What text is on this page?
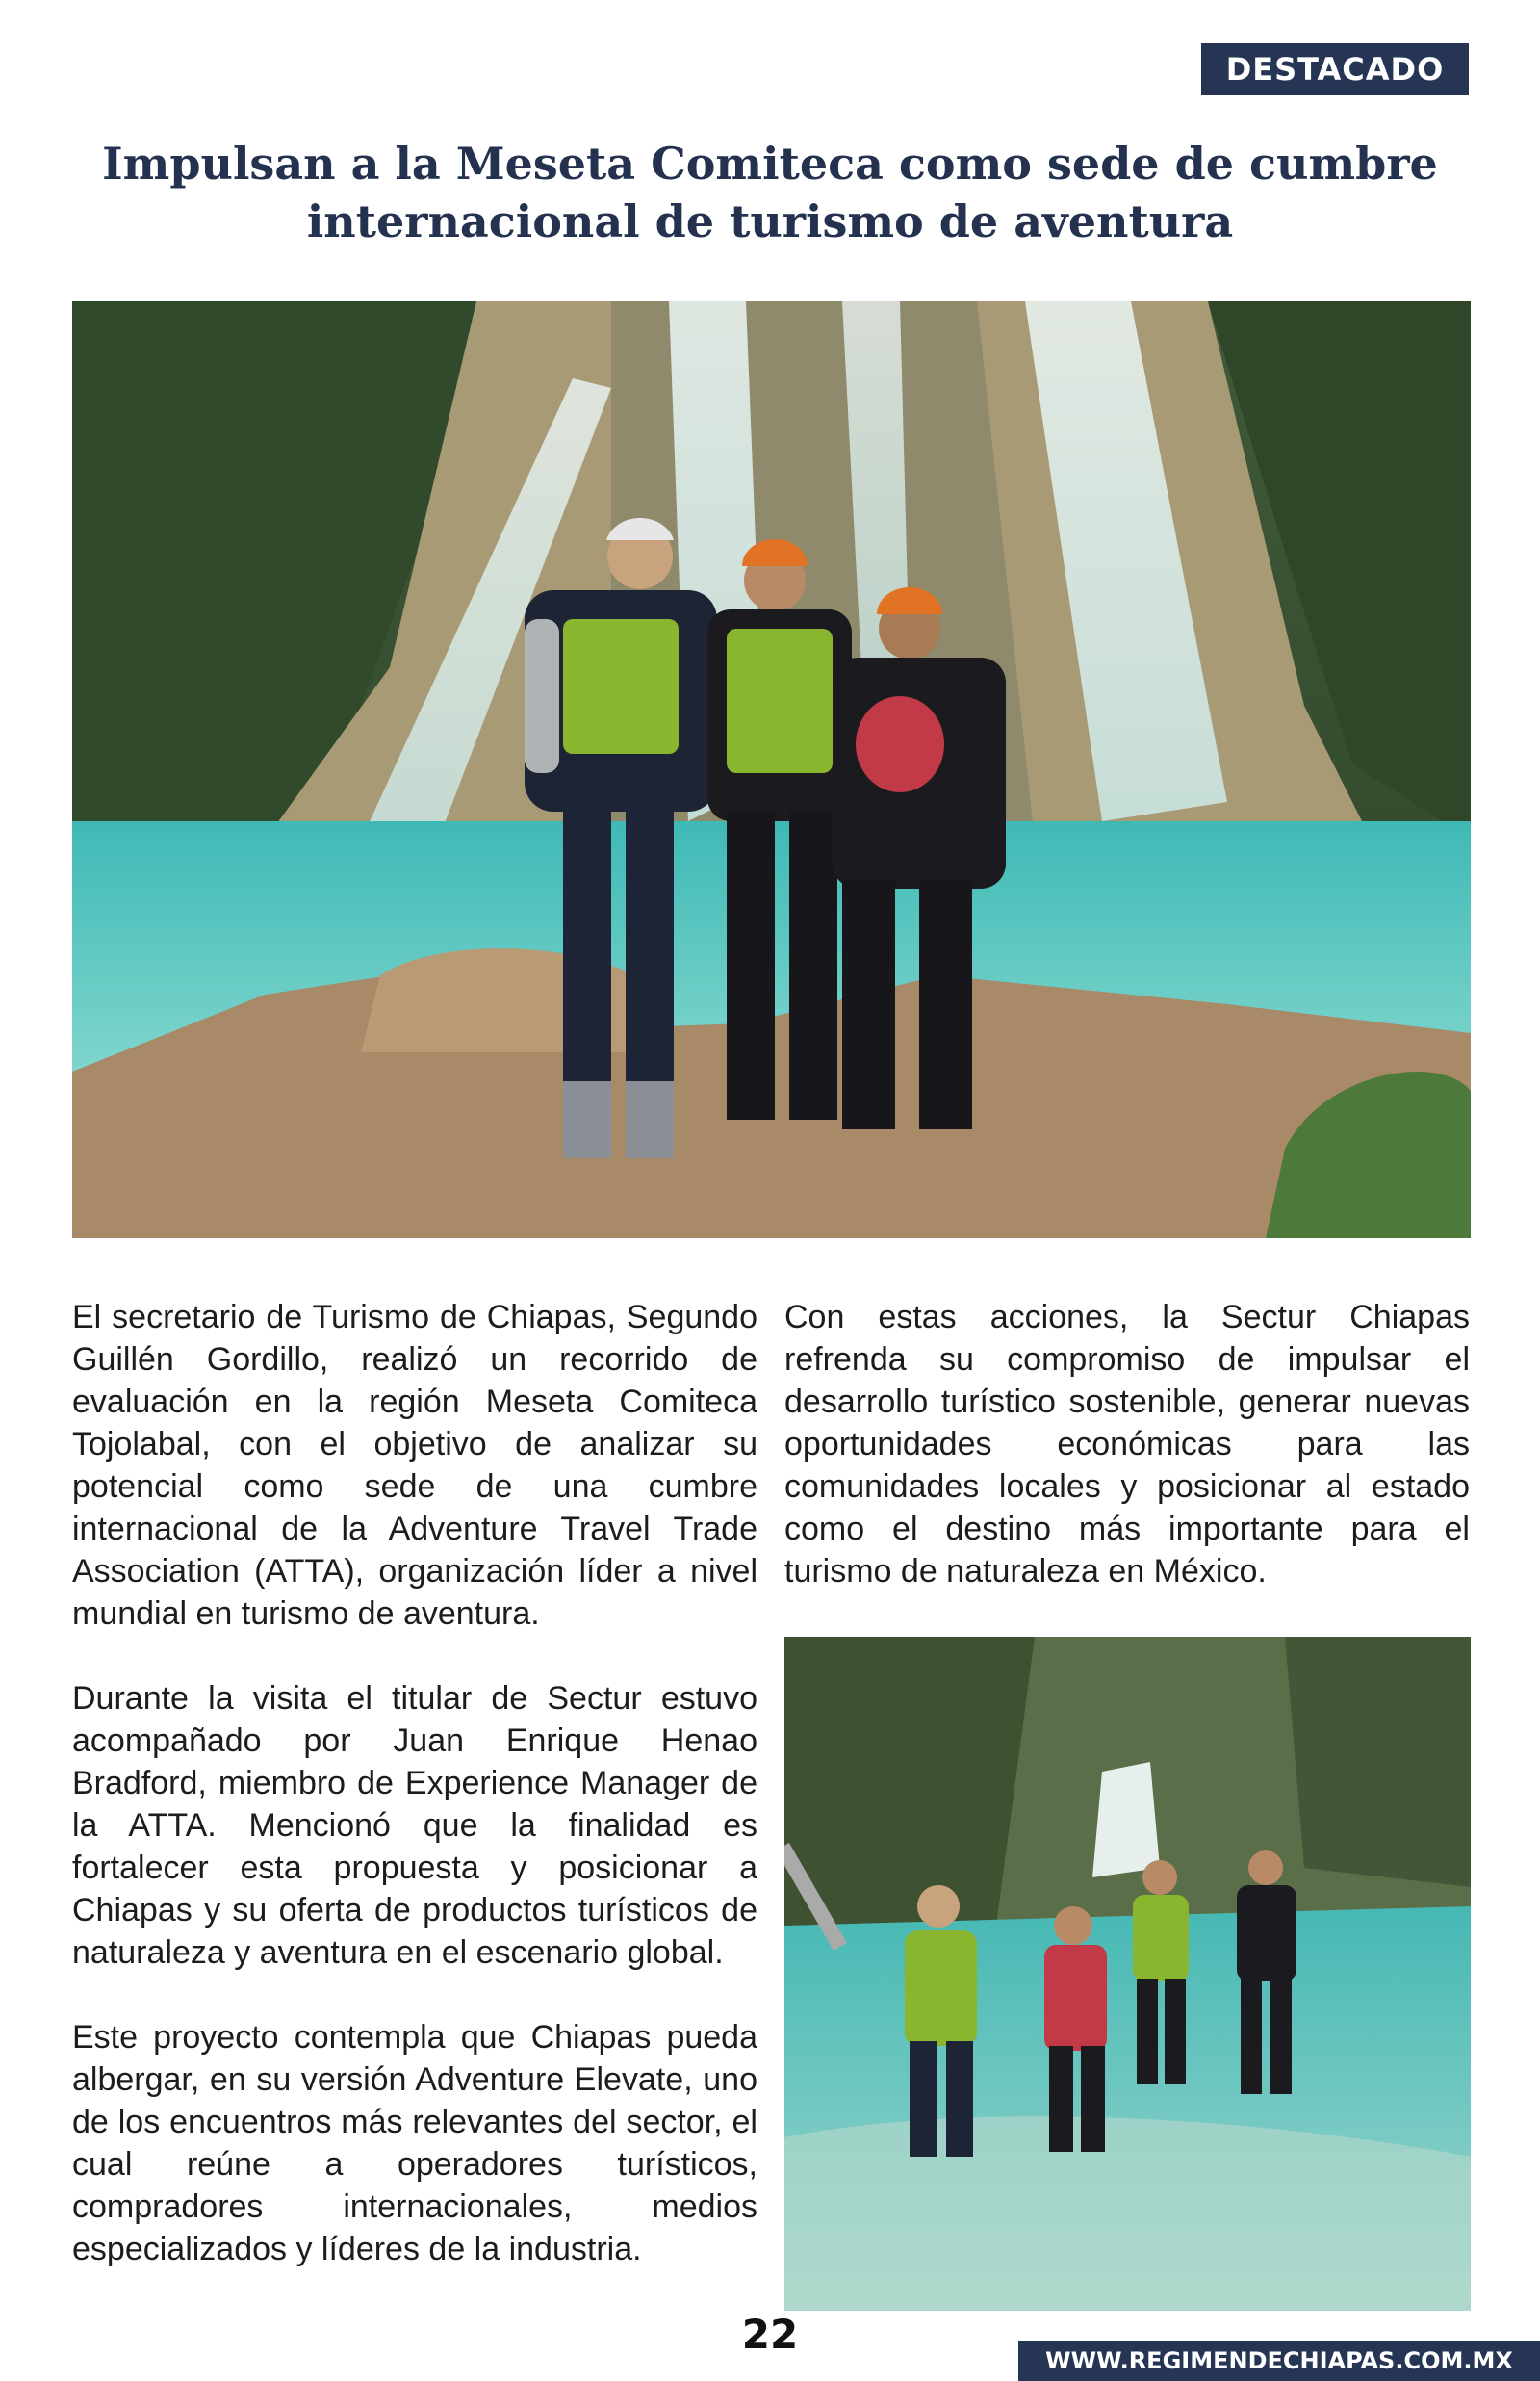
DESTACADO
Impulsan a la Meseta Comiteca como sede de cumbre internacional de turismo de aventura

El secretario de Turismo de Chiapas, Segundo Guillén Gordillo, realizó un recorrido de evaluación en la región Meseta Comiteca Tojolabal, con el objetivo de analizar su potencial como sede de una cumbre internacional de la Adventure Travel Trade Association (ATTA), organización líder a nivel mundial en turismo de aventura.

Durante la visita el titular de Sectur estuvo acompañado por Juan Enrique Henao Bradford, miembro de Experience Manager de la ATTA. Mencionó que la finalidad es fortalecer esta propuesta y posicionar a Chiapas y su oferta de productos turísticos de naturaleza y aventura en el escenario global.

Este proyecto contempla que Chiapas pueda albergar, en su versión Adventure Elevate, uno de los encuentros más relevantes del sector, el cual reúne a operadores turísticos, compradores internacionales, medios especializados y líderes de la industria.

Con estas acciones, la Sectur Chiapas refrenda su compromiso de impulsar el desarrollo turístico sostenible, generar nuevas oportunidades económicas para las comunidades locales y posicionar al estado como el destino más importante para el turismo de naturaleza en México.

22
WWW.REGIMENDECHIAPAS.COM.MX
